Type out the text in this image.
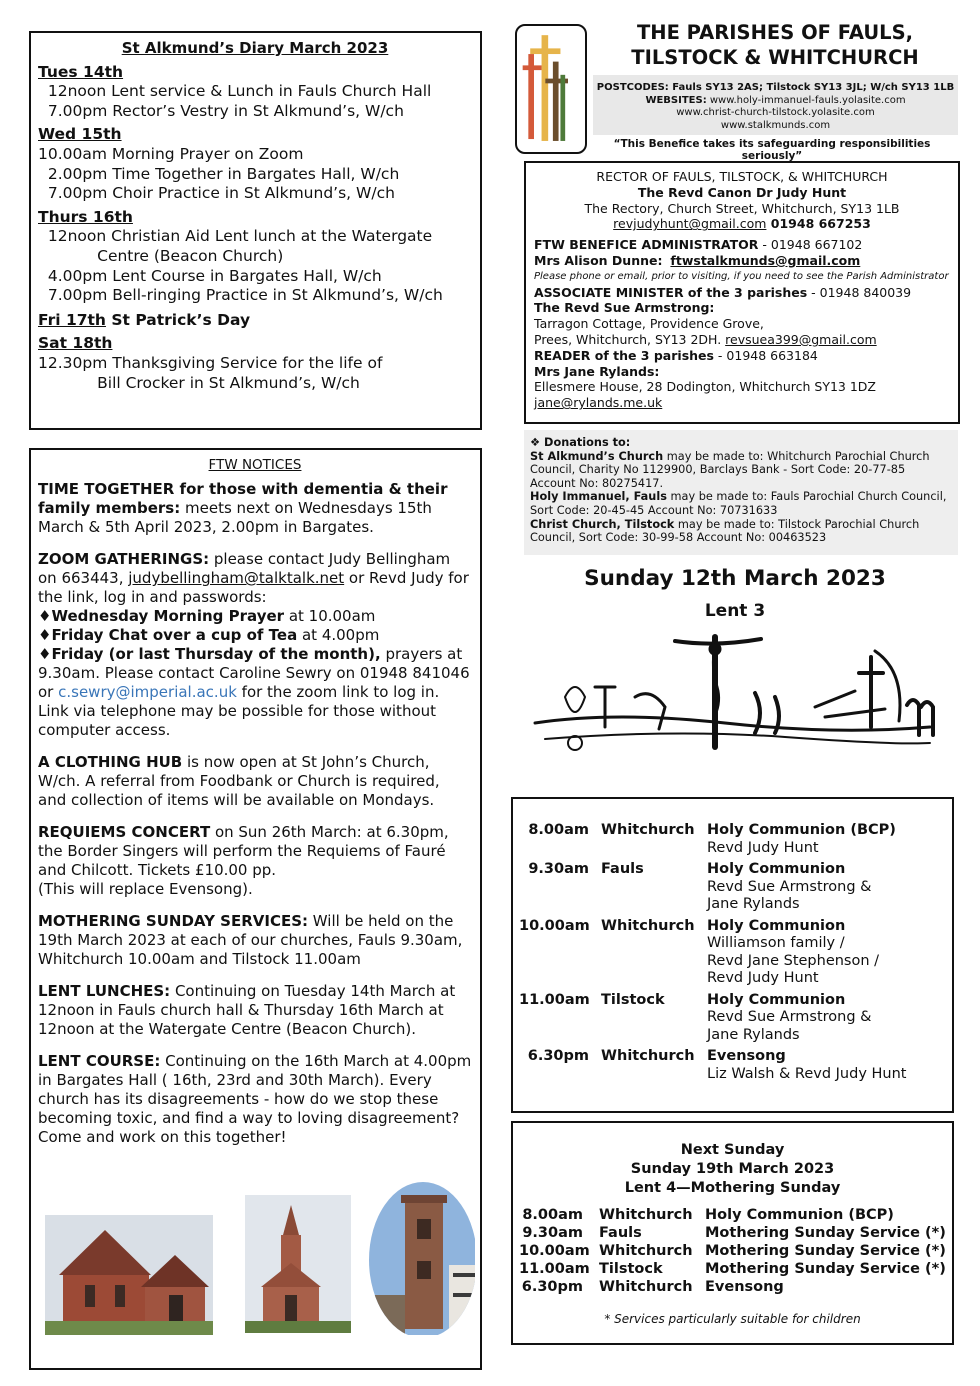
St Alkmund’s Diary March 2023
Tues 14th
12noon Lent service & Lunch in Fauls Church Hall
7.00pm Rector’s Vestry in St Alkmund’s, W/ch
Wed 15th
10.00am Morning Prayer on Zoom
2.00pm Time Together in Bargates Hall, W/ch
7.00pm Choir Practice in St Alkmund’s, W/ch
Thurs 16th
12noon Christian Aid Lent lunch at the Watergate
Centre (Beacon Church)
4.00pm Lent Course in Bargates Hall, W/ch
7.00pm Bell-ringing Practice in St Alkmund’s, W/ch
Fri 17th St Patrick’s Day
Sat 18th
12.30pm Thanksgiving Service for the life of
Bill Crocker in St Alkmund’s, W/ch
FTW NOTICES

TIME TOGETHER for those with dementia & their family members: meets next on Wednesdays 15th March & 5th April 2023, 2.00pm in Bargates.

ZOOM GATHERINGS: please contact Judy Bellingham on 663443, judybellingham@talktalk.net or Revd Judy for the link, log in and passwords:
♦Wednesday Morning Prayer at 10.00am
♦Friday Chat over a cup of Tea at 4.00pm
♦Friday (or last Thursday of the month), prayers at 9.30am. Please contact Caroline Sewry on 01948 841046 or c.sewry@imperial.ac.uk for the zoom link to log in. Link via telephone may be possible for those without computer access.

A CLOTHING HUB is now open at St John’s Church, W/ch. A referral from Foodbank or Church is required, and collection of items will be available on Mondays.

REQUIEMS CONCERT on Sun 26th March: at 6.30pm, the Border Singers will perform the Requiems of Fauré and Chilcott. Tickets £10.00 pp.
(This will replace Evensong).

MOTHERING SUNDAY SERVICES: Will be held on the 19th March 2023 at each of our churches, Fauls 9.30am, Whitchurch 10.00am and Tilstock 11.00am

LENT LUNCHES: Continuing on Tuesday 14th March at 12noon in Fauls church hall & Thursday 16th March at 12noon at the Watergate Centre (Beacon Church).

LENT COURSE: Continuing on the 16th March at 4.00pm in Bargates Hall ( 16th, 23rd and 30th March). Every church has its disagreements - how do we stop these becoming toxic, and find a way to loving disagreement? Come and work on this together!

THE PARISHES OF FAULS,
TILSTOCK & WHITCHURCH
POSTCODES: Fauls SY13 2AS; Tilstock SY13 3JL; W/ch SY13 1LB
WEBSITES: www.holy-immanuel-fauls.yolasite.com
www.christ-church-tilstock.yolasite.com
www.stalkmunds.com
“This Benefice takes its safeguarding responsibilities seriously”
RECTOR OF FAULS, TILSTOCK, & WHITCHURCH
The Revd Canon Dr Judy Hunt
The Rectory, Church Street, Whitchurch, SY13 1LB
revjudyhunt@gmail.com 01948 667253
FTW BENEFICE ADMINISTRATOR - 01948 667102
Mrs Alison Dunne: ftwstalkmunds@gmail.com
Please phone or email, prior to visiting, if you need to see the Parish Administrator
ASSOCIATE MINISTER of the 3 parishes - 01948 840039
The Revd Sue Armstrong:
Tarragon Cottage, Providence Grove,
Prees, Whitchurch, SY13 2DH. revsuea399@gmail.com
READER of the 3 parishes - 01948 663184
Mrs Jane Rylands:
Ellesmere House, 28 Dodington, Whitchurch SY13 1DZ
jane@rylands.me.uk
❖ Donations to:
St Alkmund’s Church may be made to: Whitchurch Parochial Church Council, Charity No 1129900, Barclays Bank - Sort Code: 20-77-85 Account No: 80275417.
Holy Immanuel, Fauls may be made to: Fauls Parochial Church Council, Sort Code: 20-45-45 Account No: 70731633
Christ Church, Tilstock may be made to: Tilstock Parochial Church Council, Sort Code: 30-99-58 Account No: 00463523
Sunday 12th March 2023
Lent 3
8.00am Whitchurch Holy Communion (BCP)
Revd Judy Hunt
9.30am Fauls	Holy Communion
Revd Sue Armstrong &
Jane Rylands
10.00am Whitchurch Holy Communion
Williamson family /
Revd Jane Stephenson /
Revd Judy Hunt
11.00am Tilstock	Holy Communion
Revd Sue Armstrong &
Jane Rylands
6.30pm Whitchurch Evensong
Liz Walsh & Revd Judy Hunt
Next Sunday
Sunday 19th March 2023
Lent 4—Mothering Sunday
8.00am Whitchurch Holy Communion (BCP)
9.30am Fauls	Mothering Sunday Service (*)
10.00am Whitchurch Mothering Sunday Service (*)
11.00am Tilstock	Mothering Sunday Service (*)
6.30pm Whitchurch Evensong
* Services particularly suitable for children
